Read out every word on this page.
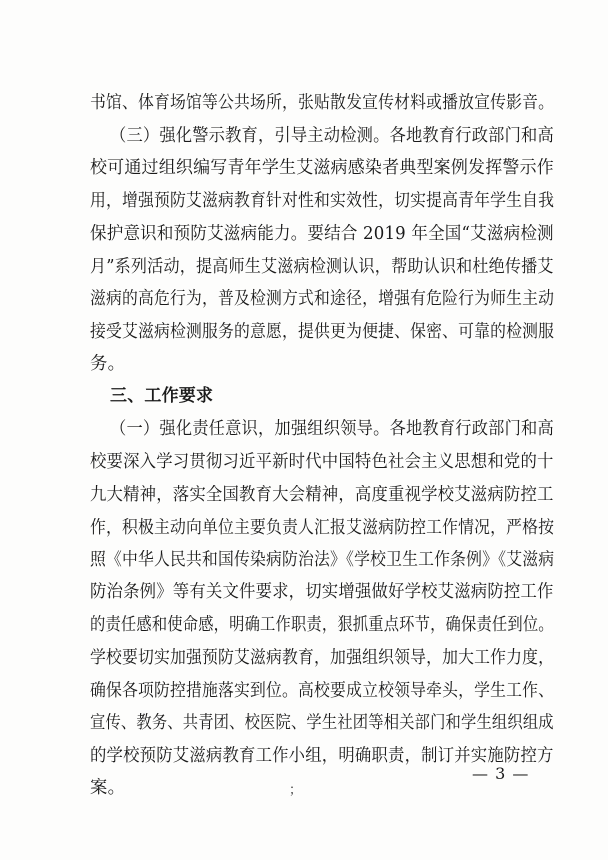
书馆、体育场馆等公共场所，张贴散发宣传材料或播放宣传影音。
（三）强化警示教育，引导主动检测。各地教育行政部门和高
校可通过组织编写青年学生艾滋病感染者典型案例发挥警示作
用，增强预防艾滋病教育针对性和实效性，切实提高青年学生自我
保护意识和预防艾滋病能力。要结合 2019 年全国“艾滋病检测
月”系列活动，提高师生艾滋病检测认识，帮助认识和杜绝传播艾
滋病的高危行为，普及检测方式和途径，增强有危险行为师生主动
接受艾滋病检测服务的意愿，提供更为便捷、保密、可靠的检测服
务。
三、工作要求
（一）强化责任意识，加强组织领导。各地教育行政部门和高
校要深入学习贯彻习近平新时代中国特色社会主义思想和党的十
九大精神，落实全国教育大会精神，高度重视学校艾滋病防控工
作，积极主动向单位主要负责人汇报艾滋病防控工作情况，严格按
照《中华人民共和国传染病防治法》《学校卫生工作条例》《艾滋病
防治条例》等有关文件要求，切实增强做好学校艾滋病防控工作
的责任感和使命感，明确工作职责，狠抓重点环节，确保责任到位。
学校要切实加强预防艾滋病教育，加强组织领导，加大工作力度，
确保各项防控措施落实到位。高校要成立校领导牵头，学生工作、
宣传、教务、共青团、校医院、学生社团等相关部门和学生组织组成
的学校预防艾滋病教育工作小组，明确职责，制订并实施防控方
案。	；
— 3 —
